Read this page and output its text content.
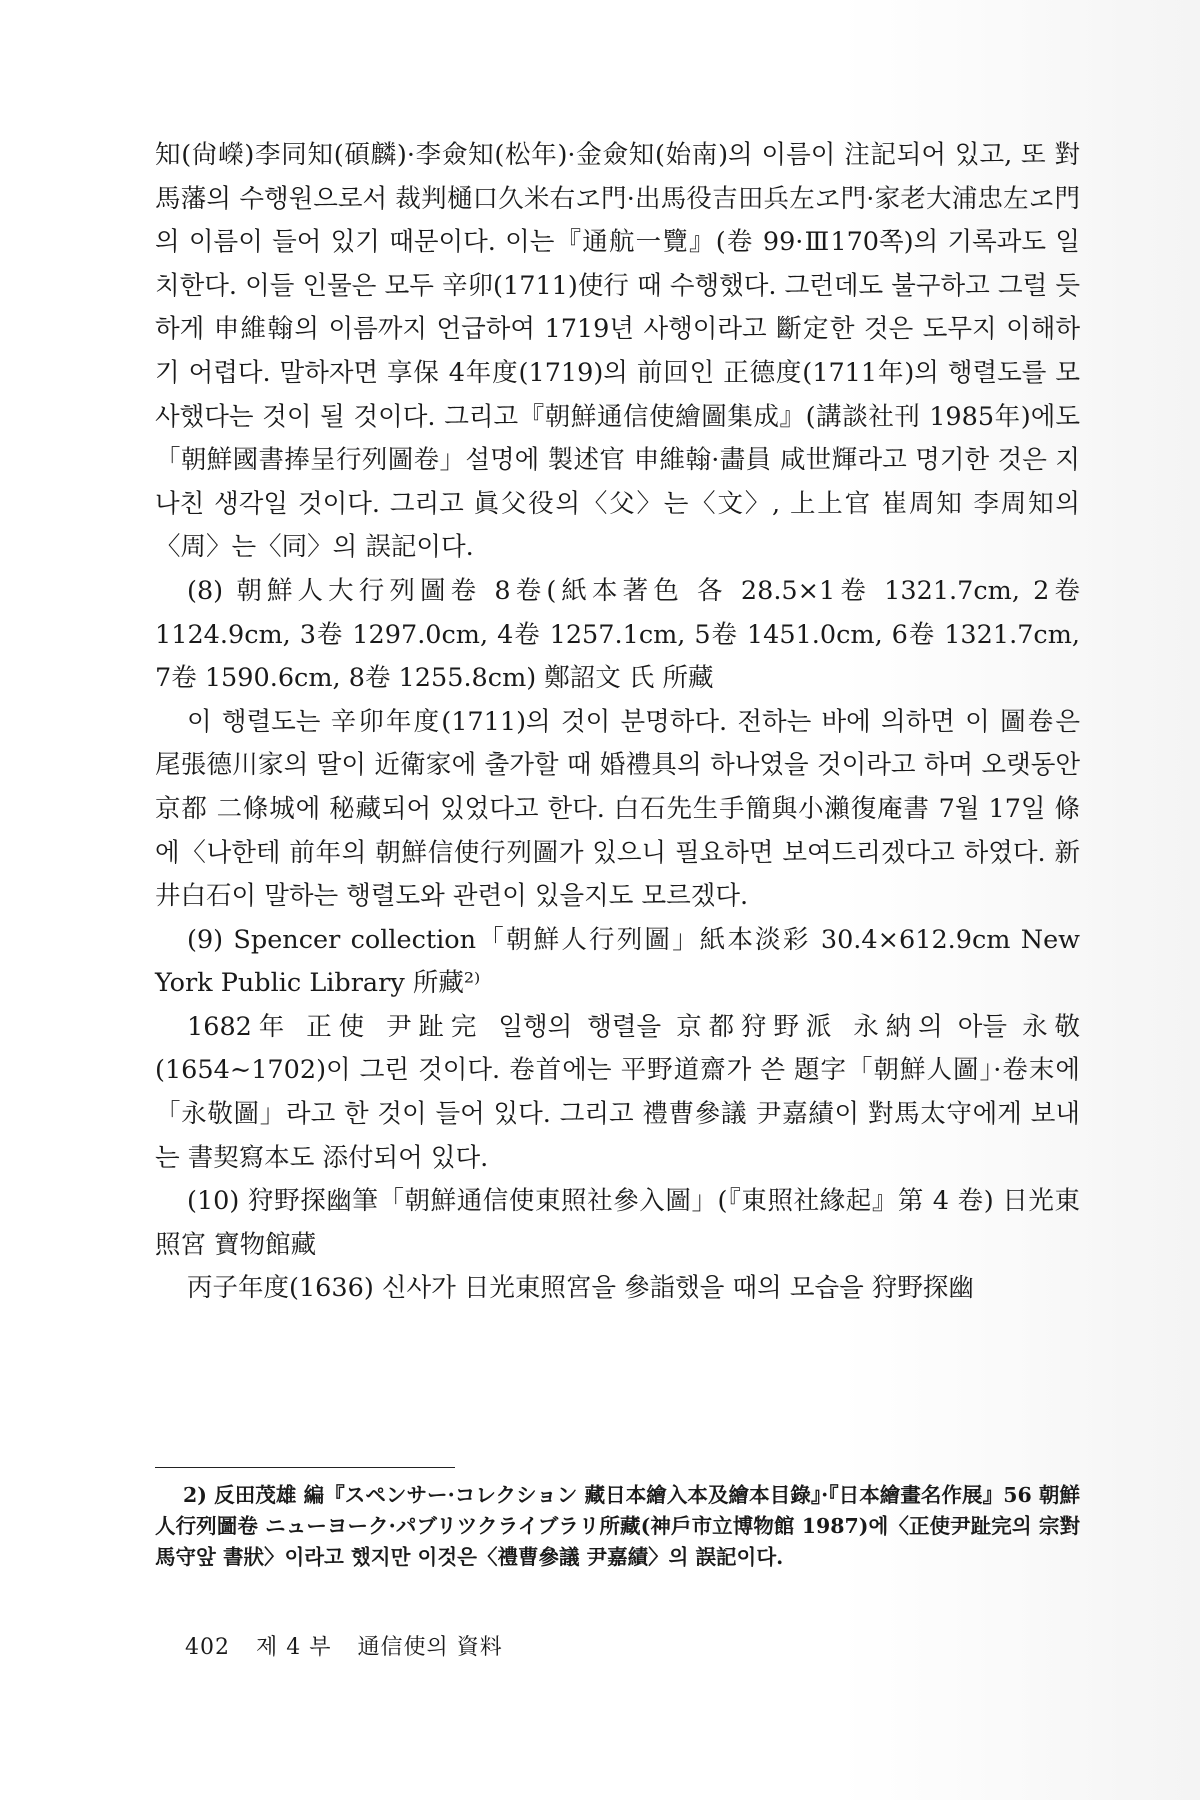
知(尙嶸)李同知(碩麟)·李僉知(松年)·金僉知(始南)의 이름이 注記되어 있고, 또 對馬藩의 수행원으로서 裁判樋口久米右ヱ門·出馬役吉田兵左ヱ門·家老大浦忠左ヱ門의 이름이 들어 있기 때문이다. 이는『通航一覽』(卷 99·Ⅲ170쪽)의 기록과도 일치한다. 이들 인물은 모두 辛卯(1711)使行 때 수행했다. 그런데도 불구하고 그럴 듯하게 申維翰의 이름까지 언급하여 1719년 사행이라고 斷定한 것은 도무지 이해하기 어렵다. 말하자면 享保 4年度(1719)의 前回인 正德度(1711年)의 행렬도를 모사했다는 것이 될 것이다. 그리고『朝鮮通信使繪圖集成』(講談社刊 1985年)에도「朝鮮國書捧呈行列圖卷」설명에 製述官 申維翰·畵員 咸世輝라고 명기한 것은 지나친 생각일 것이다. 그리고 眞父役의〈父〉는〈文〉, 上上官 崔周知 李周知의〈周〉는〈同〉의 誤記이다.

(8) 朝鮮人大行列圖卷 8卷(紙本著色 各 28.5×1卷 1321.7cm, 2卷 1124.9cm, 3卷 1297.0cm, 4卷 1257.1cm, 5卷 1451.0cm, 6卷 1321.7cm, 7卷 1590.6cm, 8卷 1255.8cm) 鄭詔文 氏 所藏

이 행렬도는 辛卯年度(1711)의 것이 분명하다. 전하는 바에 의하면 이 圖卷은 尾張德川家의 딸이 近衛家에 출가할 때 婚禮具의 하나였을 것이라고 하며 오랫동안 京都 二條城에 秘藏되어 있었다고 한다. 白石先生手簡與小瀨復庵書 7월 17일 條에〈나한테 前年의 朝鮮信使行列圖가 있으니 필요하면 보여드리겠다고 하였다. 新井白石이 말하는 행렬도와 관련이 있을지도 모르겠다.

(9) Spencer collection「朝鮮人行列圖」紙本淡彩 30.4×612.9cm New York Public Library 所藏²⁾

1682年 正使 尹趾完 일행의 행렬을 京都狩野派 永納의 아들 永敬(1654∼1702)이 그린 것이다. 卷首에는 平野道齋가 쓴 題字「朝鮮人圖」·卷末에「永敬圖」라고 한 것이 들어 있다. 그리고 禮曹參議 尹嘉績이 對馬太守에게 보내는 書契寫本도 添付되어 있다.

(10) 狩野探幽筆「朝鮮通信使東照社參入圖」(『東照社緣起』第 4 卷) 日光東照宮 寶物館藏

丙子年度(1636) 신사가 日光東照宮을 參詣했을 때의 모습을 狩野探幽

2) 反田茂雄 編『スペンサー·コレクション 藏日本繪入本及繪本目錄』·『日本繪畫名作展』56 朝鮮人行列圖卷 ニューヨーク·パブリツクライブラリ所藏(神戶市立博物館 1987)에〈正使尹趾完의 宗對馬守앞 書狀〉이라고 했지만 이것은〈禮曹參議 尹嘉績〉의 誤記이다.

402 제 4 부 通信使의 資料
